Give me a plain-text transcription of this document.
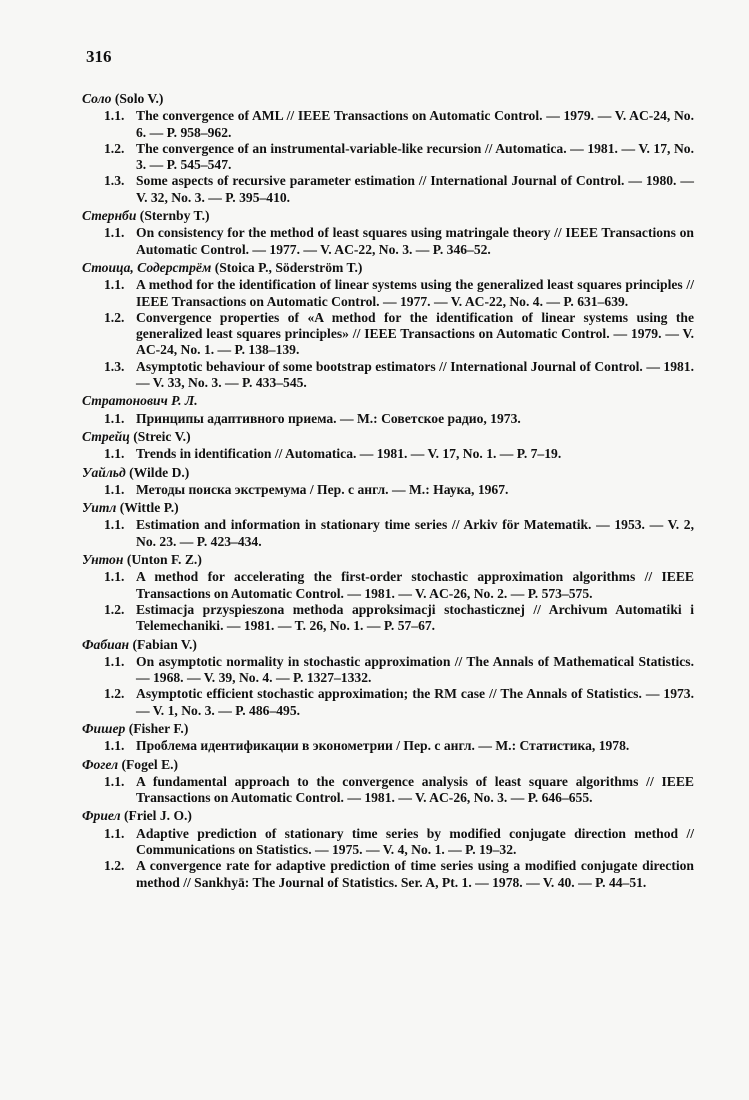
316
Соло (Solo V.)
1.1. The convergence of AML // IEEE Transactions on Automatic Control. — 1979. — V. AC-24, No. 6. — P. 958–962.
1.2. The convergence of an instrumental-variable-like recursion // Automatica. — 1981. — V. 17, No. 3. — P. 545–547.
1.3. Some aspects of recursive parameter estimation // International Journal of Control. — 1980. — V. 32, No. 3. — P. 395–410.
Стернби (Sternby T.)
1.1. On consistency for the method of least squares using matringale theory // IEEE Transactions on Automatic Control. — 1977. — V. AC-22, No. 3. — P. 346–52.
Стоица, Содерстрём (Stoica P., Söderström T.)
1.1. A method for the identification of linear systems using the generalized least squares principles // IEEE Transactions on Automatic Control. — 1977. — V. AC-22, No. 4. — P. 631–639.
1.2. Convergence properties of «A method for the identification of linear systems using the generalized least squares principles» // IEEE Transactions on Automatic Control. — 1979. — V. AC-24, No. 1. — P. 138–139.
1.3. Asymptotic behaviour of some bootstrap estimators // International Journal of Control. — 1981. — V. 33, No. 3. — P. 433–545.
Стратонович Р. Л.
1.1. Принципы адаптивного приема. — М.: Советское радио, 1973.
Стрейц (Streic V.)
1.1. Trends in identification // Automatica. — 1981. — V. 17, No. 1. — P. 7–19.
Уайльд (Wilde D.)
1.1. Методы поиска экстремума / Пер. с англ. — М.: Наука, 1967.
Уитл (Wittle P.)
1.1. Estimation and information in stationary time series // Arkiv för Matematik. — 1953. — V. 2, No. 23. — P. 423–434.
Унтон (Unton F. Z.)
1.1. A method for accelerating the first-order stochastic approximation algorithms // IEEE Transactions on Automatic Control. — 1981. — V. AC-26, No. 2. — P. 573–575.
1.2. Estimacja przyspieszona methoda approksimacji stochasticznej // Archivum Automatiki i Telemechaniki. — 1981. — T. 26, No. 1. — P. 57–67.
Фабиан (Fabian V.)
1.1. On asymptotic normality in stochastic approximation // The Annals of Mathematical Statistics. — 1968. — V. 39, No. 4. — P. 1327–1332.
1.2. Asymptotic efficient stochastic approximation; the RM case // The Annals of Statistics. — 1973. — V. 1, No. 3. — P. 486–495.
Фишер (Fisher F.)
1.1. Проблема идентификации в эконометрии / Пер. с англ. — М.: Статистика, 1978.
Фогел (Fogel E.)
1.1. A fundamental approach to the convergence analysis of least square algorithms // IEEE Transactions on Automatic Control. — 1981. — V. AC-26, No. 3. — P. 646–655.
Фриел (Friel J. O.)
1.1. Adaptive prediction of stationary time series by modified conjugate direction method // Communications on Statistics. — 1975. — V. 4, No. 1. — P. 19–32.
1.2. A convergence rate for adaptive prediction of time series using a modified conjugate direction method // Sankhyā: The Journal of Statistics. Ser. A, Pt. 1. — 1978. — V. 40. — P. 44–51.
